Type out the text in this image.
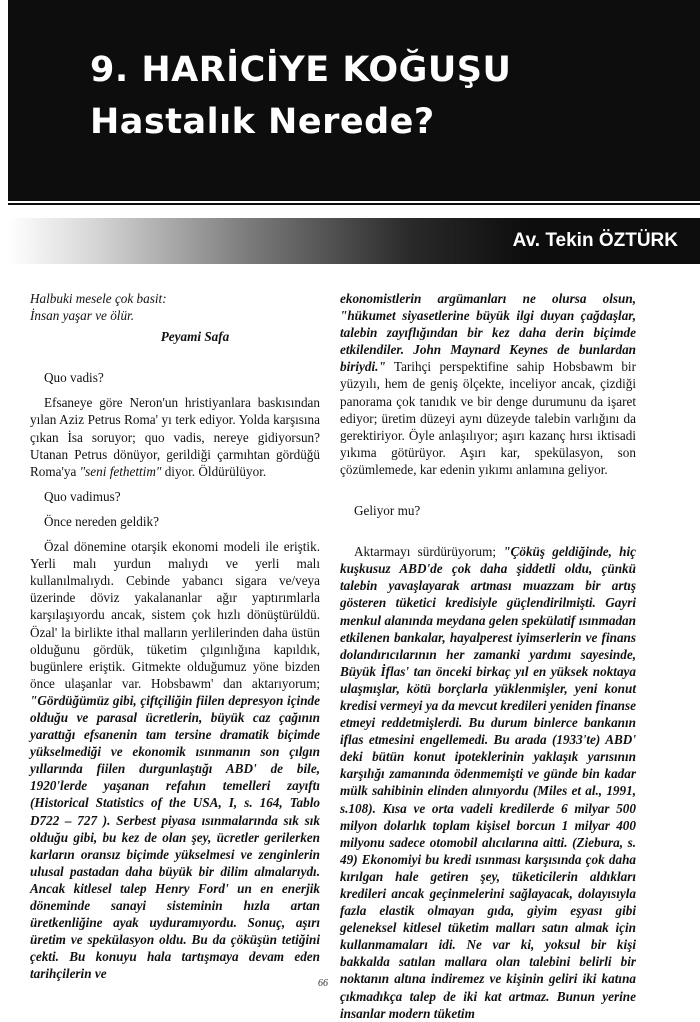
9. HARİCİYE KOĞUŞU
Hastalık Nerede?
Av. Tekin ÖZTÜRK

Halbuki mesele çok basit:

İnsan yaşar ve ölür.

Peyami Safa

Quo vadis?

Efsaneye göre Neron'un hristiyanlara baskısından yılan Aziz Petrus Roma' yı terk ediyor. Yolda karşısına çıkan İsa soruyor; quo vadis, nereye gidiyorsun? Utanan Petrus dönüyor, gerildiği çarmıhtan gördüğü Roma'ya "seni fethettim" diyor. Öldürülüyor.

Quo vadimus?

Önce nereden geldik?

Özal dönemine otarşik ekonomi modeli ile eriştik. Yerli malı yurdun malıydı ve yerli malı kullanılmalıydı. Cebinde yabancı sigara ve/veya üzerinde döviz yakalananlar ağır yaptırımlarla karşılaşıyordu ancak, sistem çok hızlı dönüştürüldü. Özal' la birlikte ithal malların yerlilerinden daha üstün olduğunu gördük, tüketim çılgınlığına kapıldık, bugünlere eriştik. Gitmekte olduğumuz yöne bizden önce ulaşanlar var. Hobsbawm' dan aktarıyorum; "Gördüğümüz gibi, çiftçiliğin fiilen depresyon içinde olduğu ve parasal ücretlerin, büyük caz çağının yarattığı efsanenin tam tersine dramatik biçimde yükselmediği ve ekonomik ısınmanın son çılgın yıllarında fiilen durgunlaştığı ABD' de bile, 1920'lerde yaşanan refahın temelleri zayıftı (Historical Statistics of the USA, I, s. 164, Tablo D722 – 727 ). Serbest piyasa ısınmalarında sık sık olduğu gibi, bu kez de olan şey, ücretler gerilerken karların oransız biçimde yükselmesi ve zenginlerin ulusal pastadan daha büyük bir dilim almalarıydı. Ancak kitlesel talep Henry Ford' un en enerjik döneminde sanayi sisteminin hızla artan üretkenliğine ayak uyduramıyordu. Sonuç, aşırı üretim ve spekülasyon oldu. Bu da çöküşün tetiğini çekti. Bu konuyu hala tartışmaya devam eden tarihçilerin ve

ekonomistlerin argümanları ne olursa olsun, "hükumet siyasetlerine büyük ilgi duyan çağdaşlar, talebin zayıflığından bir kez daha derin biçimde etkilendiler. John Maynard Keynes de bunlardan biriydi." Tarihçi perspektifine sahip Hobsbawm bir yüzyılı, hem de geniş ölçekte, inceliyor ancak, çizdiği panorama çok tanıdık ve bir denge durumunu da işaret ediyor; üretim düzeyi aynı düzeyde talebin varlığını da gerektiriyor. Öyle anlaşılıyor; aşırı kazanç hırsı iktisadi yıkıma götürüyor. Aşırı kar, spekülasyon, son çözümlemede, kar edenin yıkımı anlamına geliyor.

Geliyor mu?

Aktarmayı sürdürüyorum; "Çöküş geldiğinde, hiç kuşkusuz ABD'de çok daha şiddetli oldu, çünkü talebin yavaşlayarak artması muazzam bir artış gösteren tüketici kredisiyle güçlendirilmişti. Gayri menkul alanında meydana gelen spekülatif ısınmadan etkilenen bankalar, hayalperest iyimserlerin ve finans dolandırıcılarının her zamanki yardımı sayesinde, Büyük İflas' tan önceki birkaç yıl en yüksek noktaya ulaşmışlar, kötü borçlarla yüklenmişler, yeni konut kredisi vermeyi ya da mevcut kredileri yeniden finanse etmeyi reddetmişlerdi. Bu durum binlerce bankanın iflas etmesini engellemedi. Bu arada (1933'te) ABD' deki bütün konut ipoteklerinin yaklaşık yarısının karşılığı zamanında ödenmemişti ve günde bin kadar mülk sahibinin elinden alınıyordu (Miles et al., 1991, s.108). Kısa ve orta vadeli kredilerde 6 milyar 500 milyon dolarlık toplam kişisel borcun 1 milyar 400 milyonu sadece otomobil alıcılarına aitti. (Ziebura, s. 49) Ekonomiyi bu kredi ısınması karşısında çok daha kırılgan hale getiren şey, tüketicilerin aldıkları kredileri ancak geçinmelerini sağlayacak, dolayısıyla fazla elastik olmayan gıda, giyim eşyası gibi geleneksel kitlesel tüketim malları satın almak için kullanmamaları idi. Ne var ki, yoksul bir kişi bakkalda satılan mallara olan talebini belirli bir noktanın altına indiremez ve kişinin geliri iki katına çıkmadıkça talep de iki kat artmaz. Bunun yerine insanlar modern tüketim

66
